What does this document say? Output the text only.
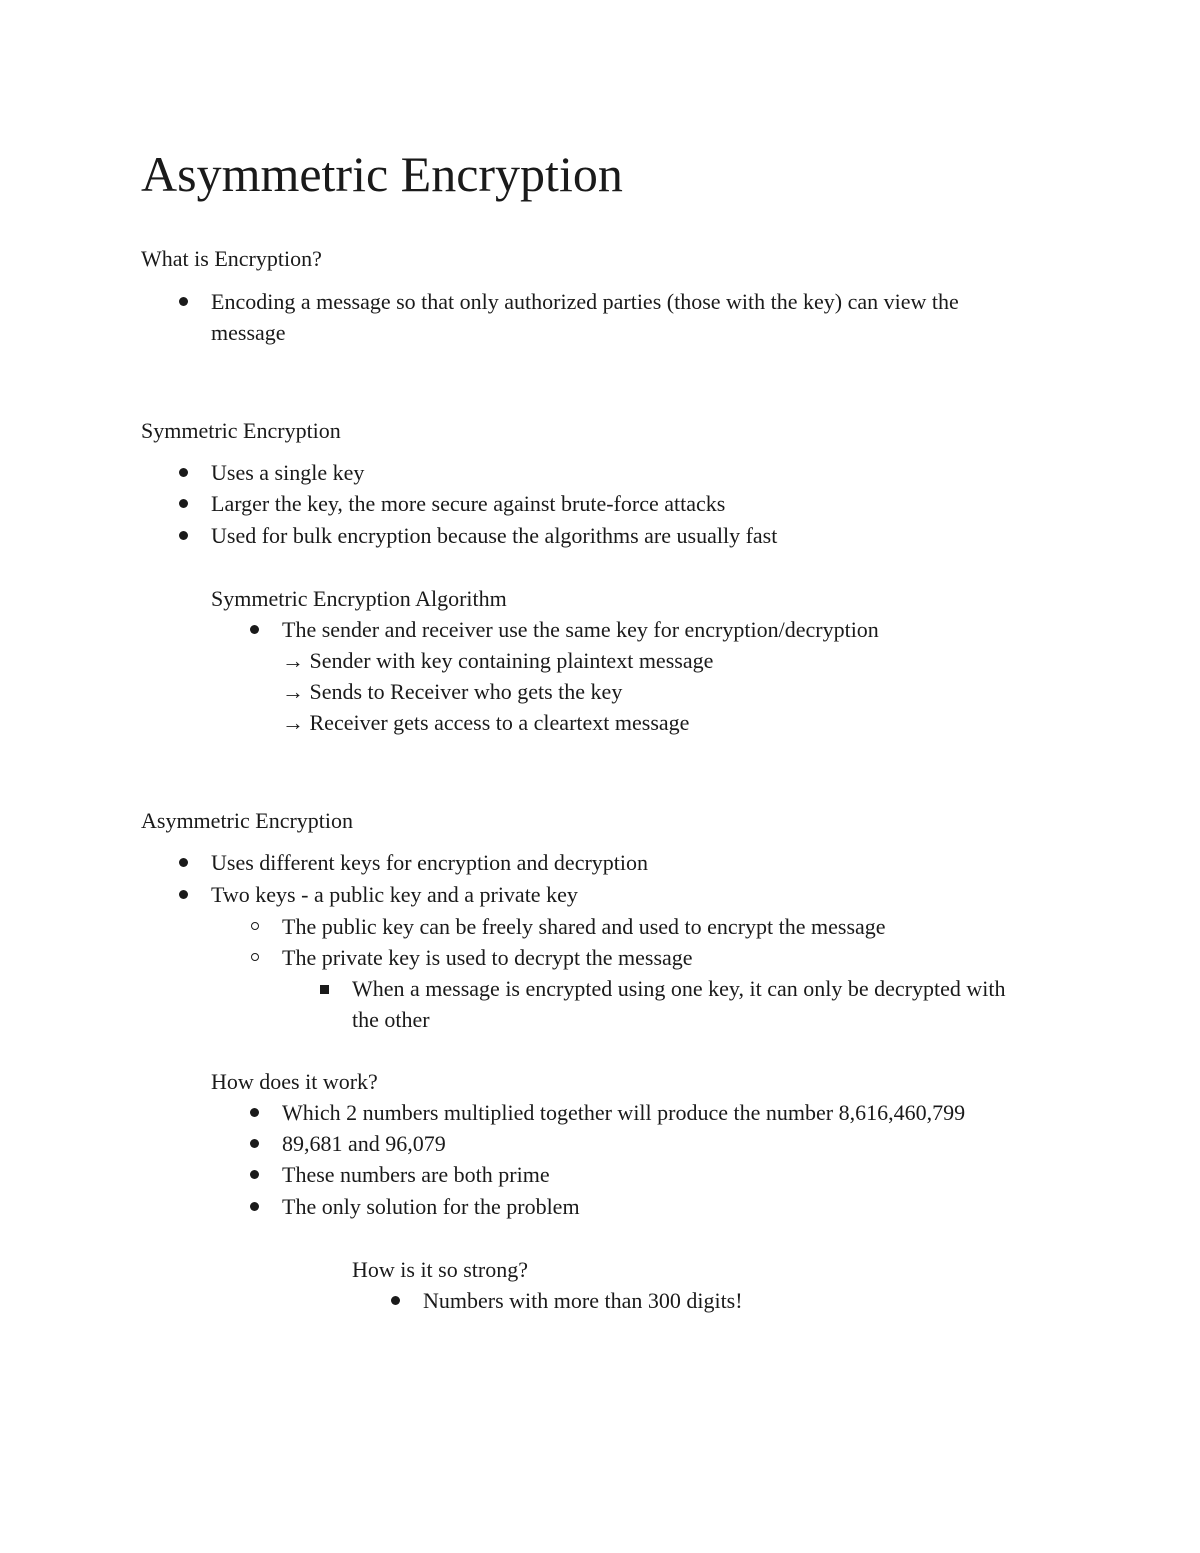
Asymmetric Encryption
What is Encryption?
Encoding a message so that only authorized parties (those with the key) can view the
message
Symmetric Encryption
Uses a single key
Larger the key, the more secure against brute-force attacks
Used for bulk encryption because the algorithms are usually fast
Symmetric Encryption Algorithm
The sender and receiver use the same key for encryption/decryption
→ Sender with key containing plaintext message
→ Sends to Receiver who gets the key
→ Receiver gets access to a cleartext message
Asymmetric Encryption
Uses different keys for encryption and decryption
Two keys - a public key and a private key
The public key can be freely shared and used to encrypt the message
The private key is used to decrypt the message
When a message is encrypted using one key, it can only be decrypted with
the other
How does it work?
Which 2 numbers multiplied together will produce the number 8,616,460,799
89,681 and 96,079
These numbers are both prime
The only solution for the problem
How is it so strong?
Numbers with more than 300 digits!
